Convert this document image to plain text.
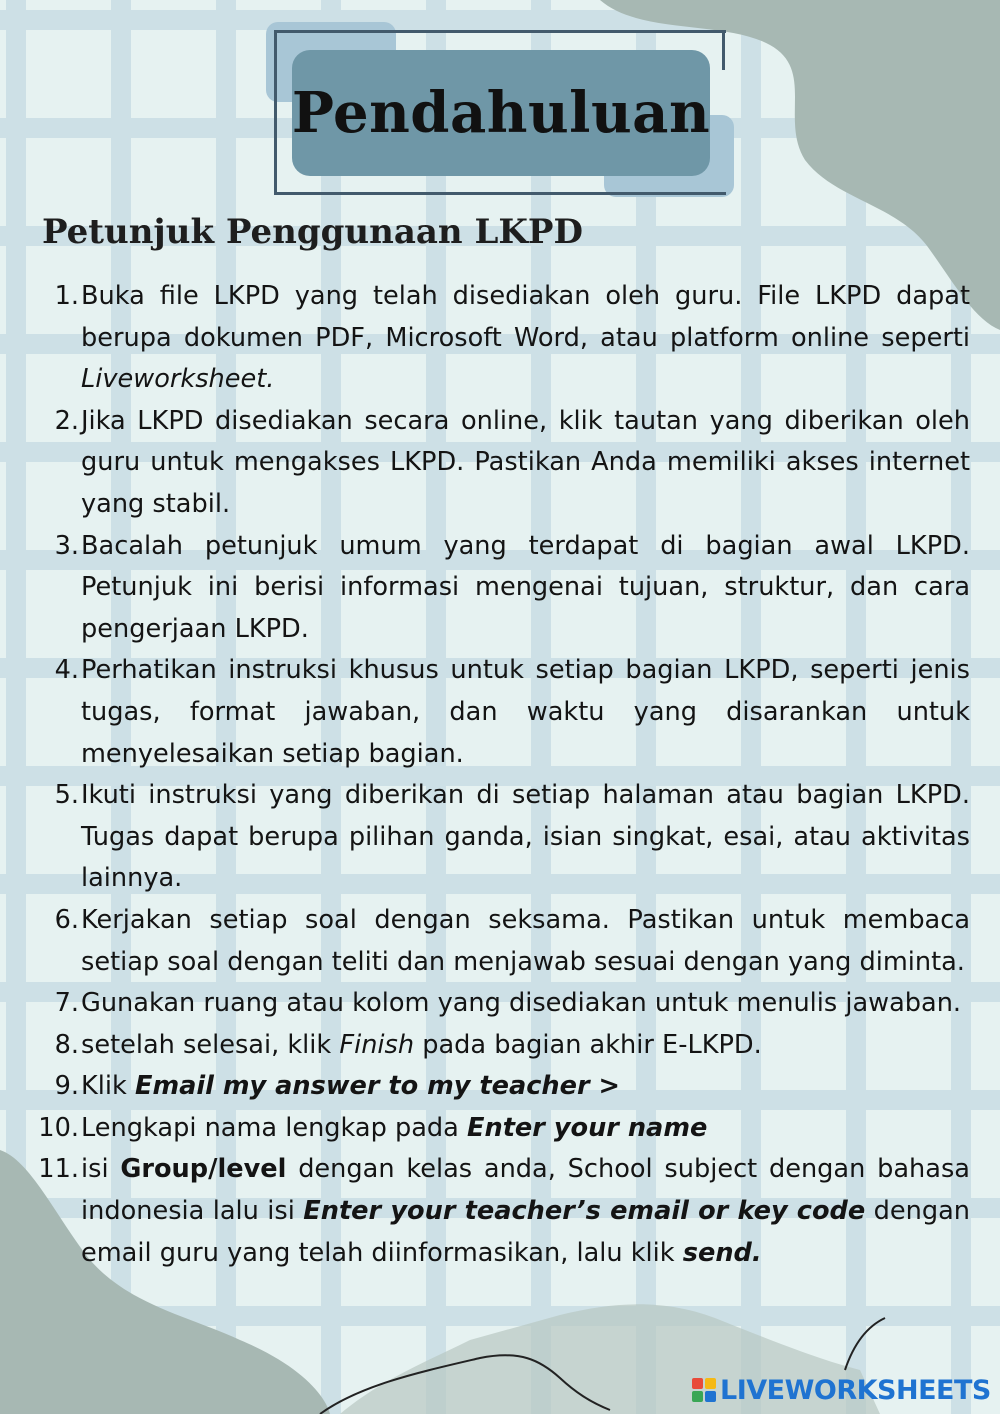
Pendahuluan
Petunjuk Penggunaan LKPD
1. Buka file LKPD yang telah disediakan oleh guru. File LKPD dapat berupa dokumen PDF, Microsoft Word, atau platform online seperti Liveworksheet.
2. Jika LKPD disediakan secara online, klik tautan yang diberikan oleh guru untuk mengakses LKPD. Pastikan Anda memiliki akses internet yang stabil.
3. Bacalah petunjuk umum yang terdapat di bagian awal LKPD. Petunjuk ini berisi informasi mengenai tujuan, struktur, dan cara pengerjaan LKPD.
4. Perhatikan instruksi khusus untuk setiap bagian LKPD, seperti jenis tugas, format jawaban, dan waktu yang disarankan untuk menyelesaikan setiap bagian.
5. Ikuti instruksi yang diberikan di setiap halaman atau bagian LKPD. Tugas dapat berupa pilihan ganda, isian singkat, esai, atau aktivitas lainnya.
6. Kerjakan setiap soal dengan seksama. Pastikan untuk membaca setiap soal dengan teliti dan menjawab sesuai dengan yang diminta.
7. Gunakan ruang atau kolom yang disediakan untuk menulis jawaban.
8. setelah selesai, klik Finish pada bagian akhir E-LKPD.
9. Klik Email my answer to my teacher >
10. Lengkapi nama lengkap pada Enter your name
11. isi Group/level dengan kelas anda, School subject dengan bahasa indonesia lalu isi Enter your teacher’s email or key code dengan email guru yang telah diinformasikan, lalu klik send.
LIVEWORKSHEETS
